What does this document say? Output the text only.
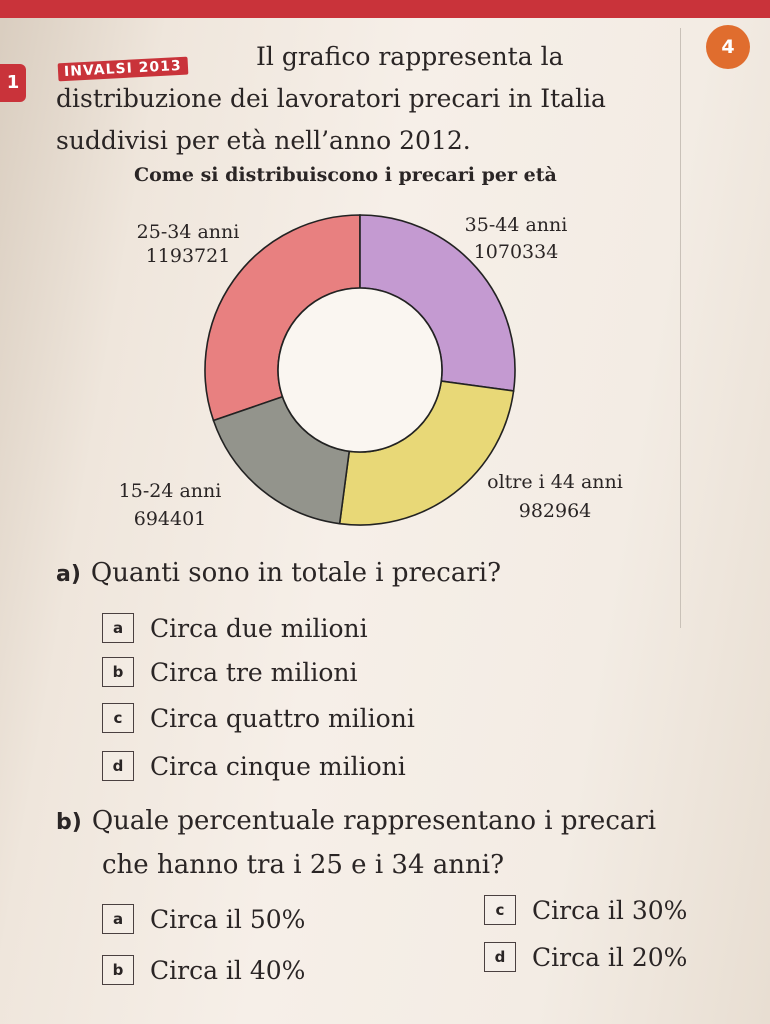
1
4
Il grafico rappresenta la distribuzione dei lavoratori precari in Italia suddivisi per età nell’anno 2012.
INVALSI 2013
Come si distribuiscono i precari per età
25-34 anni
1193721
35-44 anni
1070334
oltre i 44 anni
982964
15-24 anni
694401
a) Quanti sono in totale i precari?
a	Circa due milioni
b	Circa tre milioni
c	Circa quattro milioni
d	Circa cinque milioni
b) Quale percentuale rappresentano i precari
che hanno tra i 25 e i 34 anni?
a	Circa il 50%
b	Circa il 40%
c	Circa il 30%
d	Circa il 20%
